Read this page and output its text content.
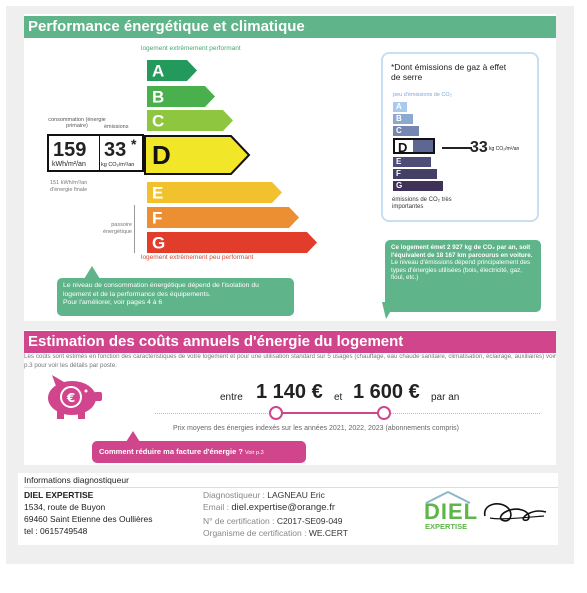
Performance énergétique et climatique
logement extrêmement performant
A
B
C
D
E
F
G
consommation (énergie primaire)	émissions
159
kWh/m²/an
33 *
kg CO₂/m²/an
151 kWh/m²/an d'énergie finale
passoire énergétique
logement extrêmement peu performant
Le niveau de consommation énergétique dépend de l'isolation du logement et de la performance des équipements.
Pour l'améliorer, voir pages 4 à 6
*Dont émissions de gaz à effet de serre
peu d'émissions de CO₂
A
B
C
D
E
F
G
33 kg CO₂/m²/an
émissions de CO₂ très importantes
Ce logement émet 2 927 kg de CO₂ par an, soit l'équivalent de 18 167 km parcourus en voiture.
Le niveau d'émissions dépend principalement des types d'énergies utilisées (bois, électricité, gaz, fioul, etc.)
Estimation des coûts annuels d'énergie du logement
Les coûts sont estimés en fonction des caractéristiques de votre logement et pour une utilisation standard sur 5 usages (chauffage, eau chaude sanitaire, climatisation, éclairage, auxiliaires) voir p.3 pour voir les détails par poste.
€	entre 1 140 € et 1 600 € par an
Prix moyens des énergies indexés sur les années 2021, 2022, 2023 (abonnements compris)
Comment réduire ma facture d'énergie ? Voir p.3
Informations diagnostiqueur
DIEL EXPERTISE
1534, route de Buyon
69460 Saint Etienne des Oullières
tel : 0615749548
Diagnostiqueur : LAGNEAU Eric
Email : diel.expertise@orange.fr
N° de certification : C2017-SE09-049
Organisme de certification : WE.CERT
DIEL
EXPERTISE
